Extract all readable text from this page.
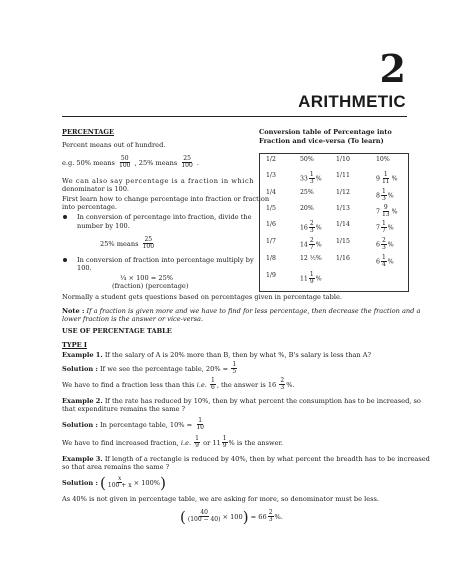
2
ARITHMETIC
PERCENTAGE
Percent means out of hundred.
e.g. 50% means $\frac{50}{100}$ , 25% means $\frac{25}{100}$ .
We can also say percentage is a fraction in which
denominator is 100.
First learn how to change percentage into fraction or fraction
into percentage.
In conversion of percentage into fraction, divide the
number by 100.
25% means $\frac{25}{100}$
In conversion of fraction into percentage multiply by
100.
¼ × 100 = 25%
(fraction) (percentage)
Conversion table of Percentage into
Fraction and vice-versa (To learn)
1/2	50%	1/10	10%
1/3	$33 \frac{1}{3}$ % 1/11	$9 \frac{1}{11}$ %
1/4	25%	1/12	$8 \frac{1}{3}$ %
1/5	20%	1/13	$7 \frac{9}{13}$ %
1/6	$16 \frac{2}{3}$ % 1/14	$7 \frac{1}{7}$ %
1/7	$14 \frac{2}{7}$ % 1/15	$6 \frac{2}{3}$ %
1/8	12 ½% 1/16	$6 \frac{1}{4}$ %
1/9	$11 \frac{1}{9}$ %
Normally a student gets questions based on percentages given in percentage table.
Note : If a fraction is given more and we have to find for less percentage, then decrease the fraction and a
lower fraction is the answer or vice-versa.
USE OF PERCENTAGE TABLE
TYPE I
Example 1. If the salary of A is 20% more than B, then by what %, B's salary is less than A?
Solution : If we see the percentage table, $20\% = \frac{1}{5}$
We have to find a fraction less than this i.e. $\frac{1}{6}$ , the answer is $16 \frac{2}{3}$ %.
Example 2. If the rate has reduced by 10%, then by what percent the consumption has to be increased, so
that expenditure remains the same ?
Solution : In percentage table, $10\% = \frac{1}{10}$
We have to find increased fraction, i.e. $\frac{1}{9}$ or $11 \frac{1}{9}$ % is the answer.
Example 3. If length of a rectangle is reduced by 40%, then by what percent the breadth has to be increased
so that area remains the same ?
Solution : ( $\frac{x}{100 + x} \times 100\%$)
As 40% is not given in percentage table, we are asking for more, so denominator must be less.
( $\frac{40}{(100 - 40)} \times 100) = 66 \frac{2}{3}$ %.
